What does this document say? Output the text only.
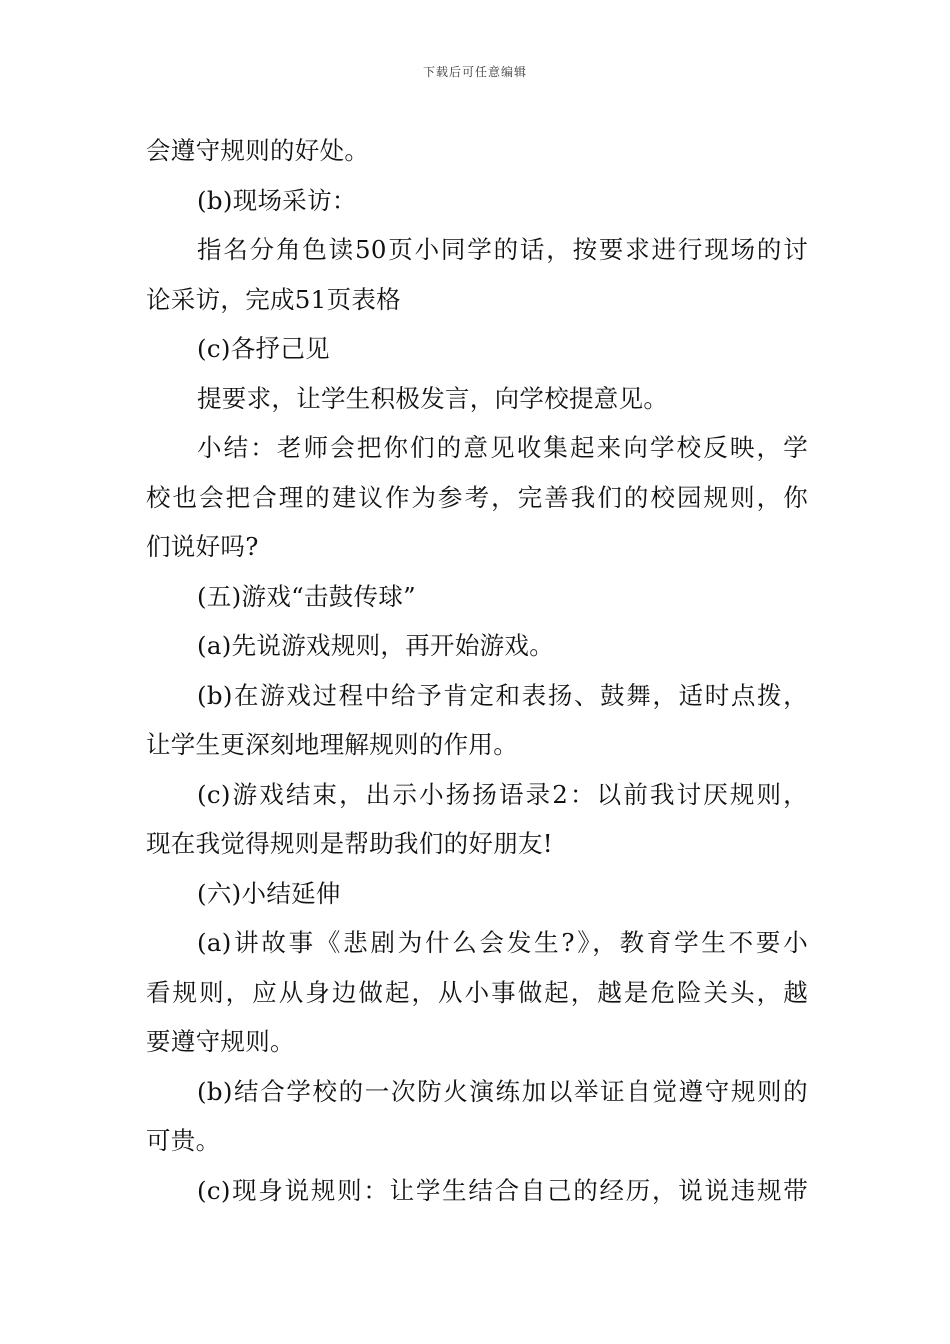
下载后可任意编辑
会遵守规则的好处。
(b)现场采访：
指名分角色读50页小同学的话，按要求进行现场的讨
论采访，完成51页表格
(c)各抒己见
提要求，让学生积极发言，向学校提意见。
小结：老师会把你们的意见收集起来向学校反映，学
校也会把合理的建议作为参考，完善我们的校园规则，你
们说好吗?
(五)游戏“击鼓传球”
(a)先说游戏规则，再开始游戏。
(b)在游戏过程中给予肯定和表扬、鼓舞，适时点拨，
让学生更深刻地理解规则的作用。
(c)游戏结束，出示小扬扬语录2：以前我讨厌规则，
现在我觉得规则是帮助我们的好朋友!
(六)小结延伸
(a)讲故事《悲剧为什么会发生?》，教育学生不要小
看规则，应从身边做起，从小事做起，越是危险关头，越
要遵守规则。
(b)结合学校的一次防火演练加以举证自觉遵守规则的
可贵。
(c)现身说规则：让学生结合自己的经历，说说违规带
